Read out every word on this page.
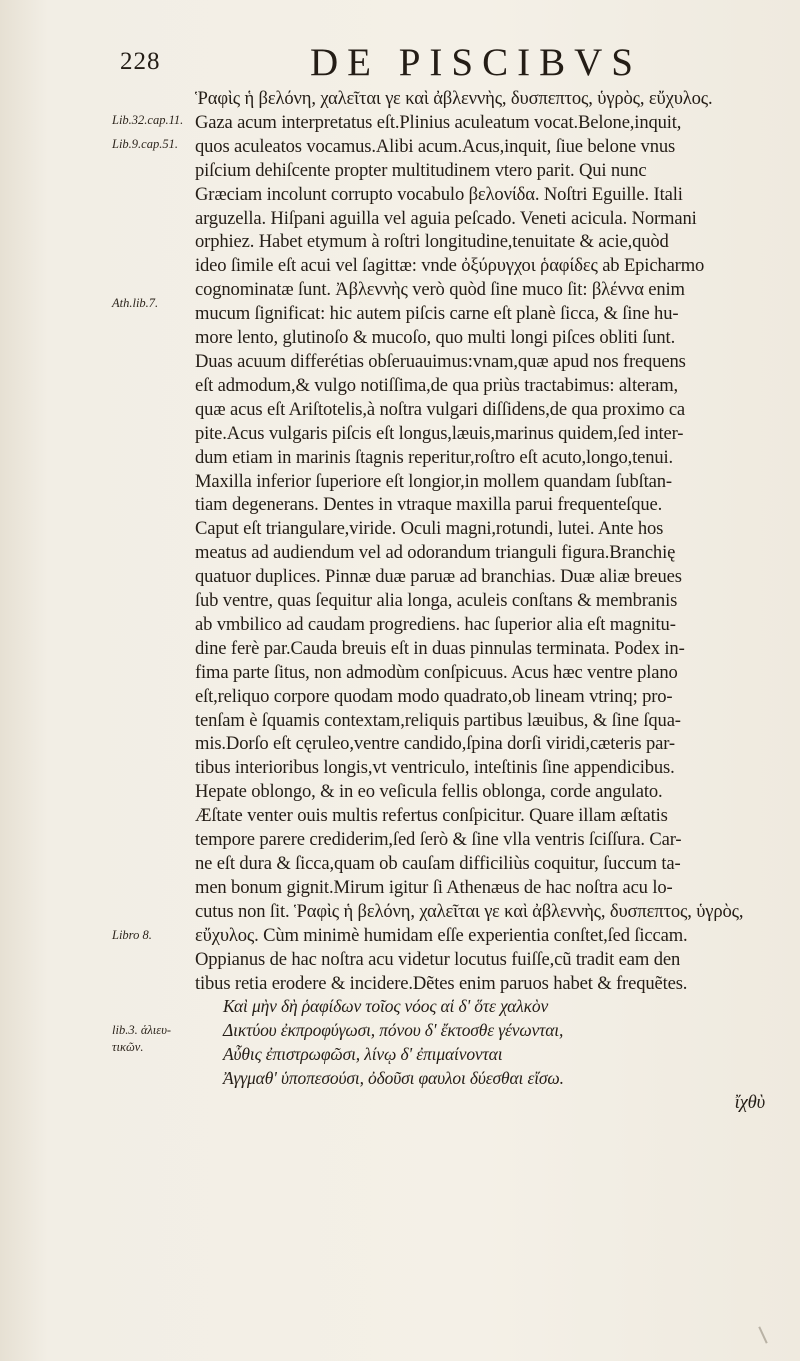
228	DE PISCIBVS
Lib.32.cap.11.
Lib.9.cap.51.
Ath.lib.7.
Libro 8.
lib.3. ἁλιευ-
τικῶν.
Ῥαφὶς ἡ βελόνη, χαλεῖται γε καὶ ἀβλεννὴς, δυσπεπτος, ὑγρὸς, εὔχυλος.
Gaza acum interpretatus eſt.Plinius aculeatum vocat.Belone,inquit,
quos aculeatos vocamus.Alibi acum.Acus,inquit, ſiue belone vnus
piſcium dehiſcente propter multitudinem vtero parit. Qui nunc
Græciam incolunt corrupto vocabulo βελονίδα. Noſtri Eguille. Itali
arguzella. Hiſpani aguilla vel aguia peſcado. Veneti acicula. Normani
orphiez. Habet etymum à roſtri longitudine,tenuitate & acie,quòd
ideo ſimile eſt acui vel ſagittæ: vnde ὀξύρυγχοι ῥαφίδες ab Epicharmo
cognominatæ ſunt. Ἀβλεννὴς verò quòd ſine muco ſit: βλέννα enim
mucum ſignificat: hic autem piſcis carne eſt planè ſicca, & ſine hu-
more lento, glutinoſo & mucoſo, quo multi longi piſces obliti ſunt.
Duas acuum differétias obſeruauimus:vnam,quæ apud nos frequens
eſt admodum,& vulgo notiſſima,de qua priùs tractabimus: alteram,
quæ acus eſt Ariſtotelis,à noſtra vulgari diſſidens,de qua proximo ca
pite.Acus vulgaris piſcis eſt longus,læuis,marinus quidem,ſed inter-
dum etiam in marinis ſtagnis reperitur,roſtro eſt acuto,longo,tenui.
Maxilla inferior ſuperiore eſt longior,in mollem quandam ſubſtan-
tiam degenerans. Dentes in vtraque maxilla parui frequenteſque.
Caput eſt triangulare,viride. Oculi magni,rotundi, lutei. Ante hos
meatus ad audiendum vel ad odorandum trianguli figura.Branchię
quatuor duplices. Pinnæ duæ paruæ ad branchias. Duæ aliæ breues
ſub ventre, quas ſequitur alia longa, aculeis conſtans & membranis
ab vmbilico ad caudam progrediens. hac ſuperior alia eſt magnitu-
dine ferè par.Cauda breuis eſt in duas pinnulas terminata. Podex in-
fima parte ſitus, non admodùm conſpicuus. Acus hæc ventre plano
eſt,reliquo corpore quodam modo quadrato,ob lineam vtrinq; pro-
tenſam è ſquamis contextam,reliquis partibus læuibus, & ſine ſqua-
mis.Dorſo eſt cęruleo,ventre candido,ſpina dorſi viridi,cæteris par-
tibus interioribus longis,vt ventriculo, inteſtinis ſine appendicibus.
Hepate oblongo, & in eo veſicula fellis oblonga, corde angulato.
Æſtate venter ouis multis refertus conſpicitur. Quare illam æſtatis
tempore parere crediderim,ſed ſerò & ſine vlla ventris ſciſſura. Car-
ne eſt dura & ſicca,quam ob cauſam difficiliùs coquitur, ſuccum ta-
men bonum gignit.Mirum igitur ſi Athenæus de hac noſtra acu lo-
cutus non ſit. Ῥαφὶς ἡ βελόνη, χαλεῖται γε καὶ ἀβλεννὴς, δυσπεπτος, ὑγρὸς,
εὔχυλος. Cùm minimè humidam eſſe experientia conſtet,ſed ſiccam.
Oppianus de hac noſtra acu videtur locutus fuiſſe,cũ tradit eam den
tibus retia erodere & incidere.Dẽtes enim paruos habet & frequẽtes.
Καὶ μὴν δὴ ῥαφίδων τοῖος νόος αἱ δ' ὅτε χαλκὸν
Δικτύου ἐκπροφύγωσι, πόνου δ' ἔκτοσθε γένωνται,
Αὖθις ἐπιστρωφῶσι, λίνῳ δ' ἐπιμαίνονται
Ἀγγμαθ' ὑποπεσούσι, ὀδοῦσι φαυλοι δύεσθαι εἴσω.
ἴχθὺ
